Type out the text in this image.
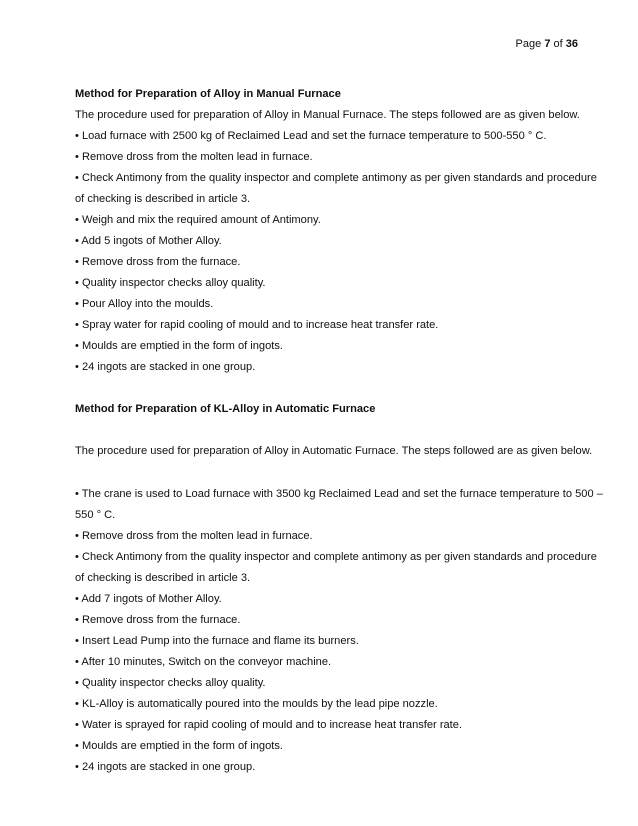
Page 7 of 36
Method for Preparation of Alloy in Manual Furnace
The procedure used for preparation of Alloy in Manual Furnace. The steps followed are as given below.
• Load furnace with 2500 kg of Reclaimed Lead and set the furnace temperature to 500-550 ° C.
• Remove dross from the molten lead in furnace.
• Check Antimony from the quality inspector and complete antimony as per given standards and procedure
of checking is described in article 3.
• Weigh and mix the required amount of Antimony.
• Add 5 ingots of Mother Alloy.
• Remove dross from the furnace.
• Quality inspector checks alloy quality.
• Pour Alloy into the moulds.
• Spray water for rapid cooling of mould and to increase heat transfer rate.
• Moulds are emptied in the form of ingots.
• 24 ingots are stacked in one group.
Method for Preparation of KL-Alloy in Automatic Furnace
The procedure used for preparation of Alloy in Automatic Furnace. The steps followed are as given below.
• The crane is used to Load furnace with 3500 kg Reclaimed Lead and set the furnace temperature to 500 –
550 ° C.
• Remove dross from the molten lead in furnace.
• Check Antimony from the quality inspector and complete antimony as per given standards and procedure
of checking is described in article 3.
• Add 7 ingots of Mother Alloy.
• Remove dross from the furnace.
• Insert Lead Pump into the furnace and flame its burners.
• After 10 minutes, Switch on the conveyor machine.
• Quality inspector checks alloy quality.
• KL-Alloy is automatically poured into the moulds by the lead pipe nozzle.
• Water is sprayed for rapid cooling of mould and to increase heat transfer rate.
• Moulds are emptied in the form of ingots.
• 24 ingots are stacked in one group.
